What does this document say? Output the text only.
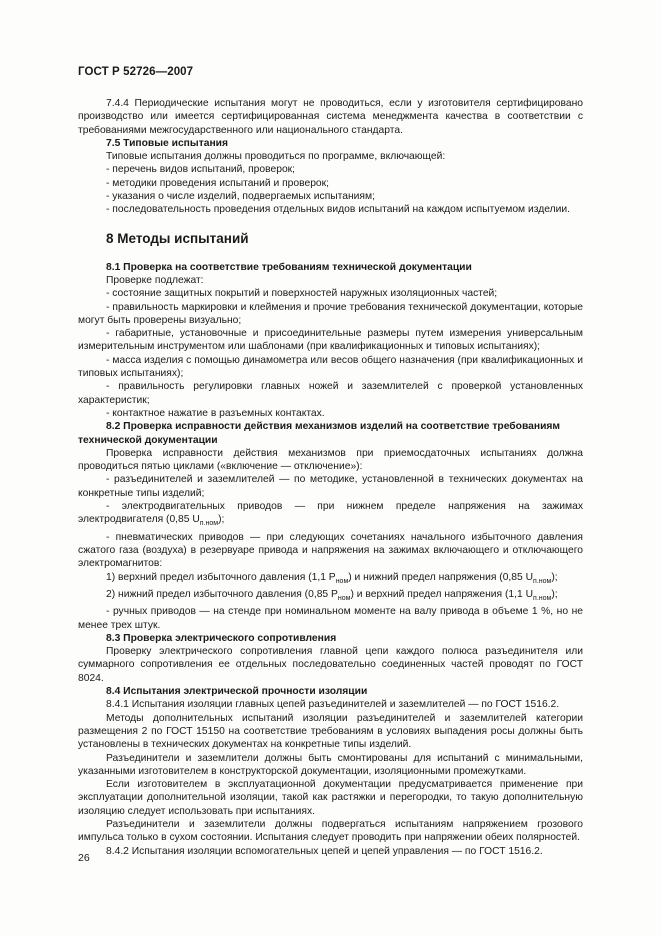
ГОСТ Р 52726—2007

7.4.4 Периодические испытания могут не проводиться, если у изготовителя сертифицировано производство или имеется сертифицированная система менеджмента качества в соответствии с требованиями межгосударственного или национального стандарта.

7.5 Типовые испытания

Типовые испытания должны проводиться по программе, включающей:

- перечень видов испытаний, проверок;

- методики проведения испытаний и проверок;

- указания о числе изделий, подвергаемых испытаниям;

- последовательность проведения отдельных видов испытаний на каждом испытуемом изделии.

8 Методы испытаний

8.1 Проверка на соответствие требованиям технической документации

Проверке подлежат:

- состояние защитных покрытий и поверхностей наружных изоляционных частей;

- правильность маркировки и клеймения и прочие требования технической документации, которые могут быть проверены визуально;

- габаритные, установочные и присоединительные размеры путем измерения универсальным измерительным инструментом или шаблонами (при квалификационных и типовых испытаниях);

- масса изделия с помощью динамометра или весов общего назначения (при квалификационных и типовых испытаниях);

- правильность регулировки главных ножей и заземлителей с проверкой установленных характеристик;

- контактное нажатие в разъемных контактах.

8.2 Проверка исправности действия механизмов изделий на соответствие требованиям технической документации

Проверка исправности действия механизмов при приемосдаточных испытаниях должна проводиться пятью циклами («включение — отключение»):

- разъединителей и заземлителей — по методике, установленной в технических документах на конкретные типы изделий;

- электродвигательных приводов — при нижнем пределе напряжения на зажимах электродвигателя (0,85 $U_{п.ном}$);

- пневматических приводов — при следующих сочетаниях начального избыточного давления сжатого газа (воздуха) в резервуаре привода и напряжения на зажимах включающего и отключающего электромагнитов:

1) верхний предел избыточного давления (1,1 $P_{ном}$) и нижний предел напряжения (0,85 $U_{п.ном}$);

2) нижний предел избыточного давления (0,85 $P_{ном}$) и верхний предел напряжения (1,1 $U_{п.ном}$);

- ручных приводов — на стенде при номинальном моменте на валу привода в объеме 1 %, но не менее трех штук.

8.3 Проверка электрического сопротивления

Проверку электрического сопротивления главной цепи каждого полюса разъединителя или суммарного сопротивления ее отдельных последовательно соединенных частей проводят по ГОСТ 8024.

8.4 Испытания электрической прочности изоляции

8.4.1 Испытания изоляции главных цепей разъединителей и заземлителей — по ГОСТ 1516.2.

Методы дополнительных испытаний изоляции разъединителей и заземлителей категории размещения 2 по ГОСТ 15150 на соответствие требованиям в условиях выпадения росы должны быть установлены в технических документах на конкретные типы изделий.

Разъединители и заземлители должны быть смонтированы для испытаний с минимальными, указанными изготовителем в конструкторской документации, изоляционными промежутками.

Если изготовителем в эксплуатационной документации предусматривается применение при эксплуатации дополнительной изоляции, такой как растяжки и перегородки, то такую дополнительную изоляцию следует использовать при испытаниях.

Разъединители и заземлители должны подвергаться испытаниям напряжением грозового импульса только в сухом состоянии. Испытания следует проводить при напряжении обеих полярностей.

8.4.2 Испытания изоляции вспомогательных цепей и цепей управления — по ГОСТ 1516.2.

26
